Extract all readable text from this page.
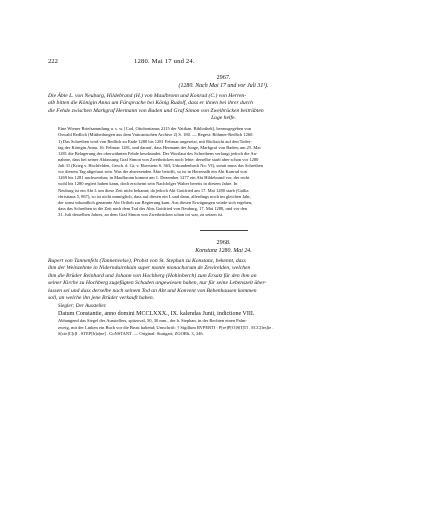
222	1280. Mai 17 und 24.
2967.
(1280. Nach Mai 17 und vor Juli 31¹).
Die Äbte L. von Neuburg, Hildebrand (H.) von Maulbronn und Konrad (C.) von Herren-
alb bitten die Königin Anna um Fürsprache bei König Rudolf, dass er ihnen bei ihrer durch
die Fehde zwischen Markgraf Hermann von Baden und Graf Simon von Zweibrücken beitrübten
Lage helfe.
Eine Wiener Briefsammlung u. s. w. [Cod. Ottobonianus 2115 der Vatikan. Bibliothek], herausgegeben von
Oswald Redlich (Mittheilungen aus dem Vaticanischen Archive 2) S. 180. — Regest: Böhmer-Redlich 1260.
1) Das Schreiben wird von Redlich zu Ende 1280 bis 1281 Februar angesetzt, mit Rücksicht auf den Todes-
tag der Königin Anna, 16. Februar 1281, und darauf, dass Hermann der Junge, Markgraf von Baden, am 25. Mai
1281 die Belagerung der oberwähnten Fehde beurkundet. Der Wortlaut des Schreibens verlangt jedoch die An-
nahme, dass bei seiner Abfassung Graf Simon von Zweibrücken noch lebte; derselbe starb aber schon vor 1280
Juli 31 (Krieg v. Hochfelden, Gesch. d. Gr. v. Eberstein S. 363, Urkundenbuch No. VI), somit muss das Schreiben
vor diesem Tag abgefasst sein. Was die abwesenden Äbte betrifft, so ist in Herrenalb ein Abt Konrad von
1269 bis 1281 nachweisbar; in Maulbronn kommt am 1. Dezember 1277 ein Abt Hildebrand vor, der recht
wohl bis 1280 regiert haben kann, doch erscheint sein Nachfolger Walter bereits in diesem Jahre. In
Neuburg ist ein Abt L um diese Zeit nicht bekannt; da jedoch Abt Gottfried am 17. Mai 1280 starb (Gallia
christiana 5, 867), so ist nicht unmöglich, dass auf diesen ein L und dann, allerdings noch im gleichen Jahr,
der sonst urkundlich genannte Abt Ortlieb zur Regierung kam. Aus diesen Erwägungen würde sich ergeben,
dass das Schreiben in die Zeit nach dem Tod des Abts Gottfried von Neuburg, 17. Mai 1280, und vor den
31. Juli desselben Jahres, an dem Graf Simon von Zweibrücken schon tot war, zu setzen ist.
2968.
Konstanz 1280. Mai 24.
Rupert von Tannenfels (Tannenvelse), Probst von St. Stephan zu Konstanz, bekennt, dass
ihm der Weinzehnte in Nidernduirnkain super monte monachorum de Zewirelden, welchen
ihm die Brüder Reinhard und Johann von Hochberg (Hohinberch) zum Ersatz für den ihm an
seiner Kirche zu Hochberg zugefügten Schaden angewiesen haben, nur für seine Lebenszeit über-
lassen sei und dass derselbe nach seinem Tod an Abt und Konvent von Bebenhausen kommen
soll, an welche ihn jene Brüder verkauft haben.
Siegler: Der Aussteller.
Datum Constantie, anno domini MCCLXXX., IX. kalendas Junii, indictione VIII.
Abhangend das Siegel des Ausstellers, spitzoval, 50, 30 mm., der h. Stephan, in der Rechten einen Palm-
zweig, mit der Linken ein Buch vor die Brust haltend; Umschrift: † Sigillum RVPERTI · P[re]P[O]S[I]TI . ECC[les]ie .
S[cte]C[i]I . STEP[h]a[ne] . CoNSTANT. — Original: Stuttgart; ZGORh. 3, 346.
